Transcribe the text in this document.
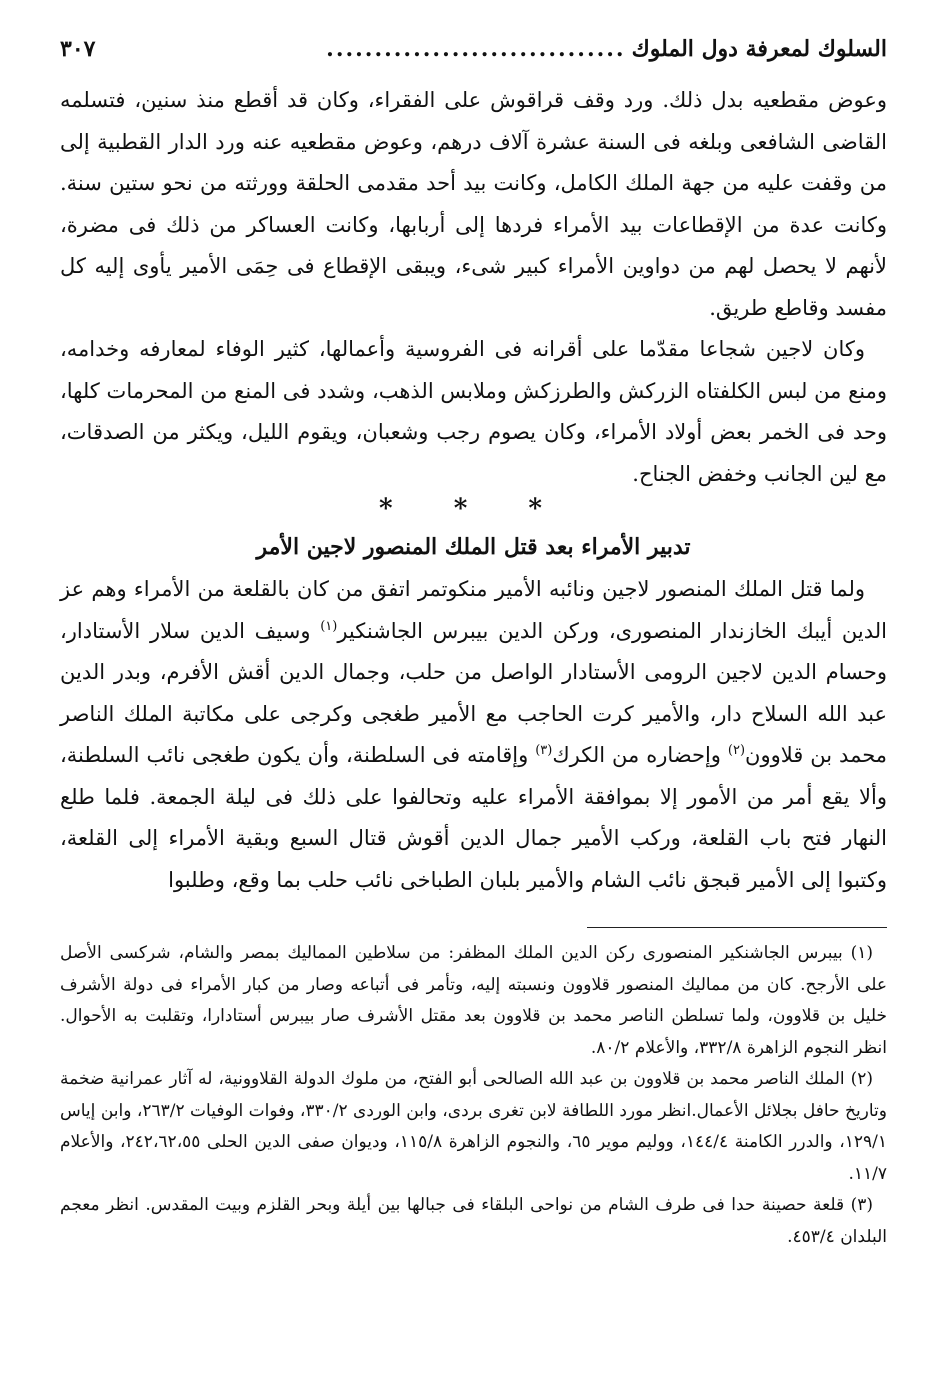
السلوك لمعرفة دول الملوك
...............................
٣٠٧

وعوض مقطعيه بدل ذلك. ورد وقف قراقوش على الفقراء، وكان قد أقطع منذ سنين، فتسلمه القاضى الشافعى وبلغه فى السنة عشرة آلاف درهم، وعوض مقطعيه عنه ورد الدار القطبية إلى من وقفت عليه من جهة الملك الكامل، وكانت بيد أحد مقدمى الحلقة وورثته من نحو ستين سنة. وكانت عدة من الإقطاعات بيد الأمراء فردها إلى أربابها، وكانت العساكر من ذلك فى مضرة، لأنهم لا يحصل لهم من دواوين الأمراء كبير شىء، ويبقى الإقطاع فى حِمَى الأمير يأوى إليه كل مفسد وقاطع طريق.

وكان لاجين شجاعا مقدّما على أقرانه فى الفروسية وأعمالها، كثير الوفاء لمعارفه وخدامه، ومنع من لبس الكلفتاه الزركش والطرزكش وملابس الذهب، وشدد فى المنع من المحرمات كلها، وحد فى الخمر بعض أولاد الأمراء، وكان يصوم رجب وشعبان، ويقوم الليل، ويكثر من الصدقات، مع لين الجانب وخفض الجناح.

* * *
تدبير الأمراء بعد قتل الملك المنصور لاجين الأمر

ولما قتل الملك المنصور لاجين ونائبه الأمير منكوتمر اتفق من كان بالقلعة من الأمراء وهم عز الدين أيبك الخازندار المنصورى، وركن الدين بيبرس الجاشنكير$^{(١)}$ وسيف الدين سلار الأستادار، وحسام الدين لاجين الرومى الأستادار الواصل من حلب، وجمال الدين أقش الأفرم، وبدر الدين عبد الله السلاح دار، والأمير كرت الحاجب مع الأمير طغجى وكرجى على مكاتبة الملك الناصر محمد بن قلاوون$^{(٢)}$ وإحضاره من الكرك$^{(٣)}$ وإقامته فى السلطنة، وأن يكون طغجى نائب السلطنة، وألا يقع أمر من الأمور إلا بموافقة الأمراء عليه وتحالفوا على ذلك فى ليلة الجمعة. فلما طلع النهار فتح باب القلعة، وركب الأمير جمال الدين أقوش قتال السبع وبقية الأمراء إلى القلعة، وكتبوا إلى الأمير قبجق نائب الشام والأمير بلبان الطباخى نائب حلب بما وقع، وطلبوا

(١) بيبرس الجاشنكير المنصورى ركن الدين الملك المظفر: من سلاطين المماليك بمصر والشام، شركسى الأصل على الأرجح. كان من مماليك المنصور قلاوون ونسبته إليه، وتأمر فى أتباعه وصار من كبار الأمراء فى دولة الأشرف خليل بن قلاوون، ولما تسلطن الناصر محمد بن قلاوون بعد مقتل الأشرف صار بيبرس أستادارا، وتقلبت به الأحوال. انظر النجوم الزاهرة ٣٣٢/٨، والأعلام ٨٠/٢.

(٢) الملك الناصر محمد بن قلاوون بن عبد الله الصالحى أبو الفتح، من ملوك الدولة القلاوونية، له آثار عمرانية ضخمة وتاريخ حافل بجلائل الأعمال.انظر مورد اللطافة لابن تغرى بردى، وابن الوردى ٣٣٠/٢، وفوات الوفيات ٢٦٣/٢، وابن إياس ١٢٩/١، والدرر الكامنة ١٤٤/٤، ووليم موير ٦٥، والنجوم الزاهرة ١١٥/٨، وديوان صفى الدين الحلى ٢٤٢،٦٢،٥٥، والأعلام ١١/٧.

(٣) قلعة حصينة حدا فى طرف الشام من نواحى البلقاء فى جبالها بين أيلة وبحر القلزم وبيت المقدس. انظر معجم البلدان ٤٥٣/٤.
